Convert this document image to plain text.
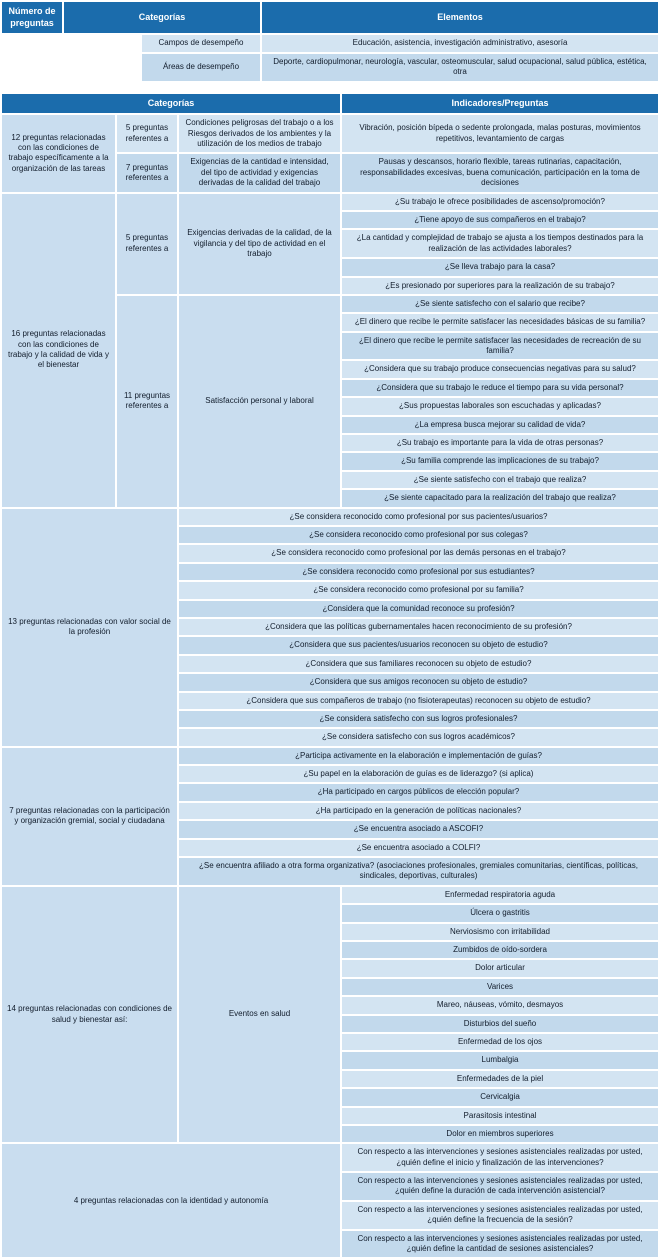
Número de preguntas	Categorías		Elementos
		Campos de desempeño	Educación, asistencia, investigación administrativo, asesoría
		Áreas de desempeño	Deporte, cardiopulmonar, neurología, vascular, osteomuscular, salud ocupacional, salud pública, estética, otra
Categorías			Indicadores/Preguntas
12 preguntas relacionadas con las condiciones de trabajo específicamente a la organización de las tareas	5 preguntas referentes a	Condiciones peligrosas del trabajo o a los Riesgos derivados de los ambientes y la utilización de los medios de trabajo	Vibración, posición bípeda o sedente prolongada, malas posturas, movimientos repetitivos, levantamiento de cargas
	7 preguntas referentes a	Exigencias de la cantidad e intensidad, del tipo de actividad y exigencias derivadas de la calidad del trabajo	Pausas y descansos, horario flexible, tareas rutinarias, capacitación, responsabilidades excesivas, buena comunicación, participación en la toma de decisiones
16 preguntas relacionadas con las condiciones de trabajo y la calidad de vida y el bienestar	5 preguntas referentes a	Exigencias derivadas de la calidad, de la vigilancia y del tipo de actividad en el trabajo	¿Su trabajo le ofrece posibilidades de ascenso/promoción?
			¿Tiene apoyo de sus compañeros en el trabajo?
			¿La cantidad y complejidad de trabajo se ajusta a los tiempos destinados para la realización de las actividades laborales?
			¿Se lleva trabajo para la casa?
			¿Es presionado por superiores para la realización de su trabajo?
	11 preguntas referentes a	Satisfacción personal y laboral	¿Se siente satisfecho con el salario que recibe?
			¿El dinero que recibe le permite satisfacer las necesidades básicas de su familia?
			¿El dinero que recibe le permite satisfacer las necesidades de recreación de su familia?
			¿Considera que su trabajo produce consecuencias negativas para su salud?
			¿Considera que su trabajo le reduce el tiempo para su vida personal?
			¿Sus propuestas laborales son escuchadas y aplicadas?
			¿La empresa busca mejorar su calidad de vida?
			¿Su trabajo es importante para la vida de otras personas?
			¿Su familia comprende las implicaciones de su trabajo?
			¿Se siente satisfecho con el trabajo que realiza?
			¿Se siente capacitado para la realización del trabajo que realiza?
13 preguntas relacionadas con valor social de la profesión		¿Se considera reconocido como profesional por sus pacientes/usuarios?	
		¿Se considera reconocido como profesional por sus colegas?	
		¿Se considera reconocido como profesional por las demás personas en el trabajo?	
		¿Se considera reconocido como profesional por sus estudiantes?	
		¿Se considera reconocido como profesional por su familia?	
		¿Considera que la comunidad reconoce su profesión?	
		¿Considera que las políticas gubernamentales hacen reconocimiento de su profesión?	
		¿Considera que sus pacientes/usuarios reconocen su objeto de estudio?	
		¿Considera que sus familiares reconocen su objeto de estudio?	
		¿Considera que sus amigos reconocen su objeto de estudio?	
		¿Considera que sus compañeros de trabajo (no fisioterapeutas) reconocen su objeto de estudio?	
		¿Se considera satisfecho con sus logros profesionales?	
		¿Se considera satisfecho con sus logros académicos?	
7 preguntas relacionadas con la participación y organización gremial, social y ciudadana		¿Participa activamente en la elaboración e implementación de guías?	
		¿Su papel en la elaboración de guías es de liderazgo? (si aplica)	
		¿Ha participado en cargos públicos de elección popular?	
		¿Ha participado en la generación de políticas nacionales?	
		¿Se encuentra asociado a ASCOFI?	
		¿Se encuentra asociado a COLFI?	
		¿Se encuentra afiliado a otra forma organizativa? (asociaciones profesionales, gremiales comunitarias, científicas, políticas, sindicales, deportivas, culturales)	
14 preguntas relacionadas con condiciones de salud y bienestar así:		Eventos en salud	Enfermedad respiratoria aguda
			Úlcera o gastritis
			Nerviosismo con irritabilidad
			Zumbidos de oído-sordera
			Dolor articular
			Varices
			Mareo, náuseas, vómito, desmayos
			Disturbios del sueño
			Enfermedad de los ojos
			Lumbalgia
			Enfermedades de la piel
			Cervicalgia
			Parasitosis intestinal
			Dolor en miembros superiores
4 preguntas relacionadas con la identidad y autonomía			Con respecto a las intervenciones y sesiones asistenciales realizadas por usted, ¿quién define el inicio y finalización de las intervenciones?
			Con respecto a las intervenciones y sesiones asistenciales realizadas por usted, ¿quién define la duración de cada intervención asistencial?
			Con respecto a las intervenciones y sesiones asistenciales realizadas por usted, ¿quién define la frecuencia de la sesión?
			Con respecto a las intervenciones y sesiones asistenciales realizadas por usted, ¿quién define la cantidad de sesiones asistenciales?
